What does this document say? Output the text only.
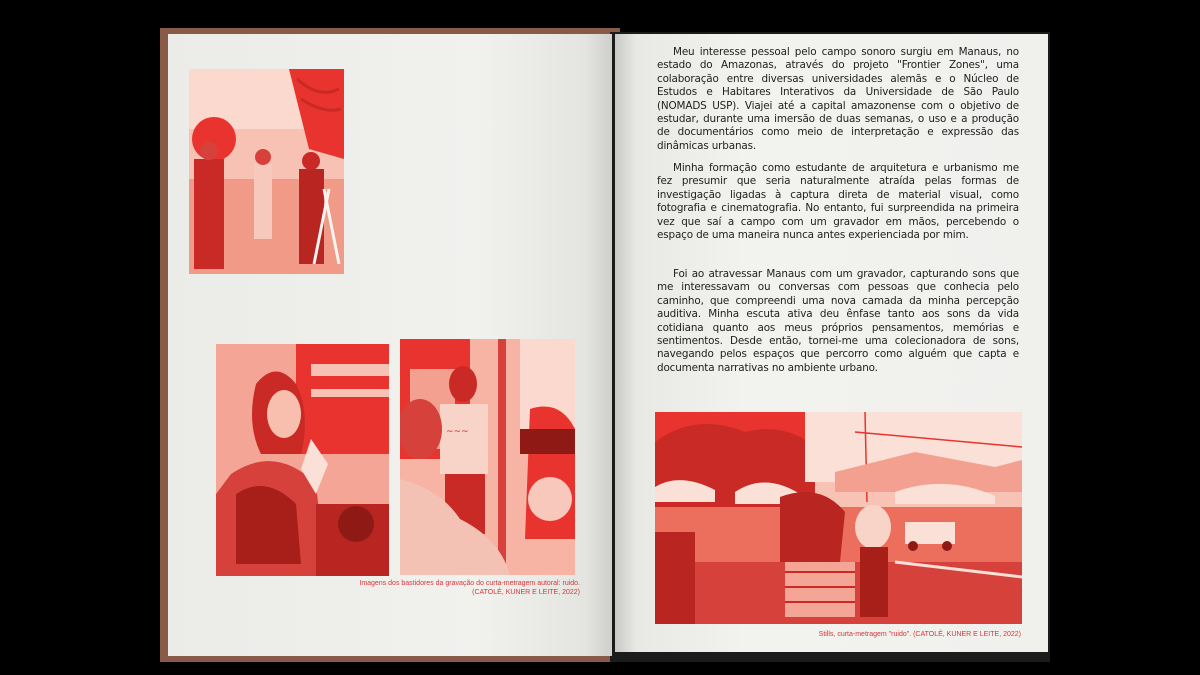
~~~
Imagens dos bastidores da gravação do curta-metragem autoral: ruido.
(CATOLÉ, KUNER E LEITE, 2022)

Meu interesse pessoal pelo campo sonoro surgiu em Manaus, no estado do Amazonas, através do projeto "Frontier Zones", uma colaboração entre diversas universidades alemãs e o Núcleo de Estudos e Habitares Interativos da Universidade de São Paulo (NOMADS USP). Viajei até a capital amazonense com o objetivo de estudar, durante uma imersão de duas semanas, o uso e a produção de documentários como meio de interpretação e expressão das dinâmicas urbanas.

Minha formação como estudante de arquitetura e urbanismo me fez presumir que seria naturalmente atraída pelas formas de investigação ligadas à captura direta de material visual, como fotografia e cinematografia. No entanto, fui surpreendida na primeira vez que saí a campo com um gravador em mãos, percebendo o espaço de uma maneira nunca antes experienciada por mim.

Foi ao atravessar Manaus com um gravador, capturando sons que me interessavam ou conversas com pessoas que conhecia pelo caminho, que compreendi uma nova camada da minha percepção auditiva. Minha escuta ativa deu ênfase tanto aos sons da vida cotidiana quanto aos meus próprios pensamentos, memórias e sentimentos. Desde então, tornei-me uma colecionadora de sons, navegando pelos espaços que percorro como alguém que capta e documenta narrativas no ambiente urbano.

Stills, curta-metragem "ruido". (CATOLÉ, KUNER E LEITE, 2022)
